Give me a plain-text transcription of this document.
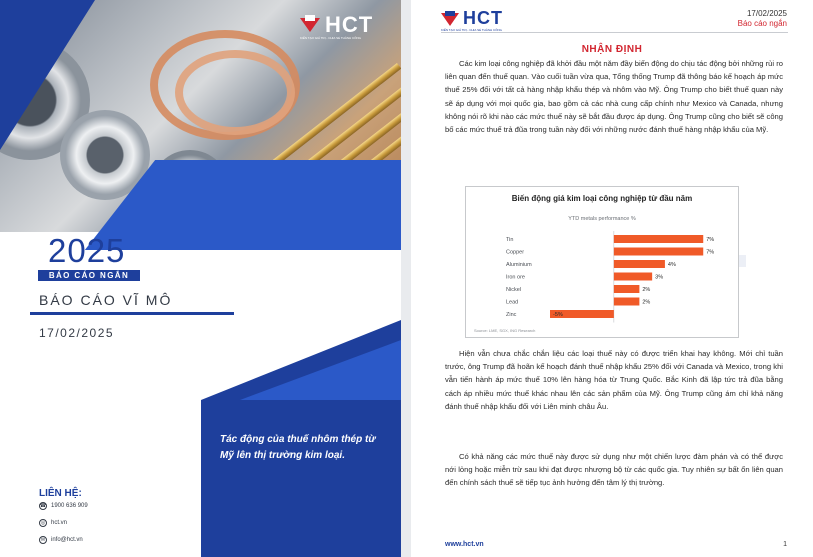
HCT
KIẾN TẠO GIÁ TRỊ - CHIA SẺ THÀNH CÔNG
2025
BÁO CÁO NGẮN
BÁO CÁO VĨ MÔ
17/02/2025
Tác động của thuế nhôm thép từ Mỹ lên thị trường kim loại.
LIÊN HỆ:
☎ 1900 636 909
◎ hct.vn
✉ info@hct.vn
HCT
KIẾN TẠO GIÁ TRỊ - CHIA SẺ THÀNH CÔNG
17/02/2025
Báo cáo ngắn
NHẬN ĐỊNH

Các kim loại công nghiệp đã khởi đầu một năm đầy biến động do chịu tác động bởi những rủi ro liên quan đến thuế quan. Vào cuối tuần vừa qua, Tổng thống Trump đã thông báo kế hoạch áp mức thuế 25% đối với tất cả hàng nhập khẩu thép và nhôm vào Mỹ. Ông Trump cho biết thuế quan này sẽ áp dụng với mọi quốc gia, bao gồm cả các nhà cung cấp chính như Mexico và Canada, nhưng không nói rõ khi nào các mức thuế này sẽ bắt đầu được áp dụng. Ông Trump cũng cho biết sẽ công bố các mức thuế trả đũa trong tuần này đối với những nước đánh thuế hàng nhập khẩu của Mỹ.

Biến động giá kim loại công nghiệp từ đầu năm
YTD metals performance %
Tin	7%
Copper	7%
Aluminium	4%
Iron ore	3%
Nickel	2%
Lead	2%
Zinc	-5%
Source: LME, SGX, ING Research

Hiện vẫn chưa chắc chắn liệu các loại thuế này có được triển khai hay không. Mới chỉ tuần trước, ông Trump đã hoãn kế hoạch đánh thuế nhập khẩu 25% đối với Canada và Mexico, trong khi vẫn tiến hành áp mức thuế 10% lên hàng hóa từ Trung Quốc. Bắc Kinh đã lập tức trả đũa bằng cách áp nhiều mức thuế khác nhau lên các sản phẩm của Mỹ. Ông Trump cũng ám chỉ khả năng đánh thuế nhập khẩu đối với Liên minh châu Âu.

Có khả năng các mức thuế này được sử dụng như một chiến lược đàm phán và có thể được nới lỏng hoặc miễn trừ sau khi đạt được nhượng bộ từ các quốc gia. Tuy nhiên sự bất ổn liên quan đến chính sách thuế sẽ tiếp tục ảnh hưởng đến tâm lý thị trường.

www.hct.vn	1
